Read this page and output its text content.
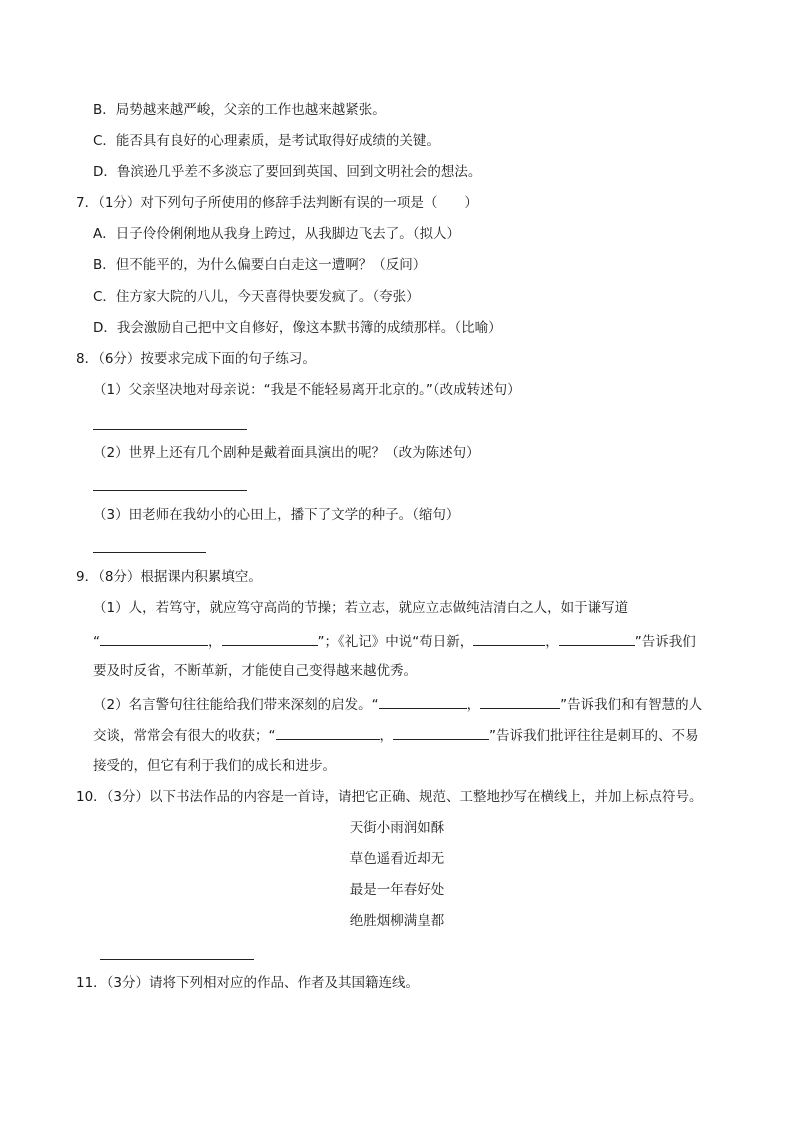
B．局势越来越严峻，父亲的工作也越来越紧张。
C．能否具有良好的心理素质，是考试取得好成绩的关键。
D．鲁滨逊几乎差不多淡忘了要回到英国、回到文明社会的想法。
7．（1分）对下列句子所使用的修辞手法判断有误的一项是（　　）
A．日子伶伶俐俐地从我身上跨过，从我脚边飞去了。（拟人）
B．但不能平的，为什么偏要白白走这一遭啊？（反问）
C．住方家大院的八儿，今天喜得快要发疯了。（夸张）
D．我会激励自己把中文自修好，像这本默书簿的成绩那样。（比喻）
8．（6分）按要求完成下面的句子练习。
（1）父亲坚决地对母亲说：“我是不能轻易离开北京的。”（改成转述句）
（2）世界上还有几个剧种是戴着面具演出的呢？（改为陈述句）
（3）田老师在我幼小的心田上，播下了文学的种子。（缩句）
9．（8分）根据课内积累填空。
（1）人，若笃守，就应笃守高尚的节操；若立志，就应立志做纯洁清白之人，如于谦写道
“	，	”；《礼记》中说“苟日新，	，	”告诉我们
要及时反省，不断革新，才能使自己变得越来越优秀。
（2）名言警句往往能给我们带来深刻的启发。“	，	”告诉我们和有智慧的人
交谈，常常会有很大的收获；“	，	”告诉我们批评往往是刺耳的、不易
接受的，但它有利于我们的成长和进步。
10．（3分）以下书法作品的内容是一首诗，请把它正确、规范、工整地抄写在横线上，并加上标点符号。
天街小雨润如酥
草色遥看近却无
最是一年春好处
绝胜烟柳满皇都
11．（3分）请将下列相对应的作品、作者及其国籍连线。
